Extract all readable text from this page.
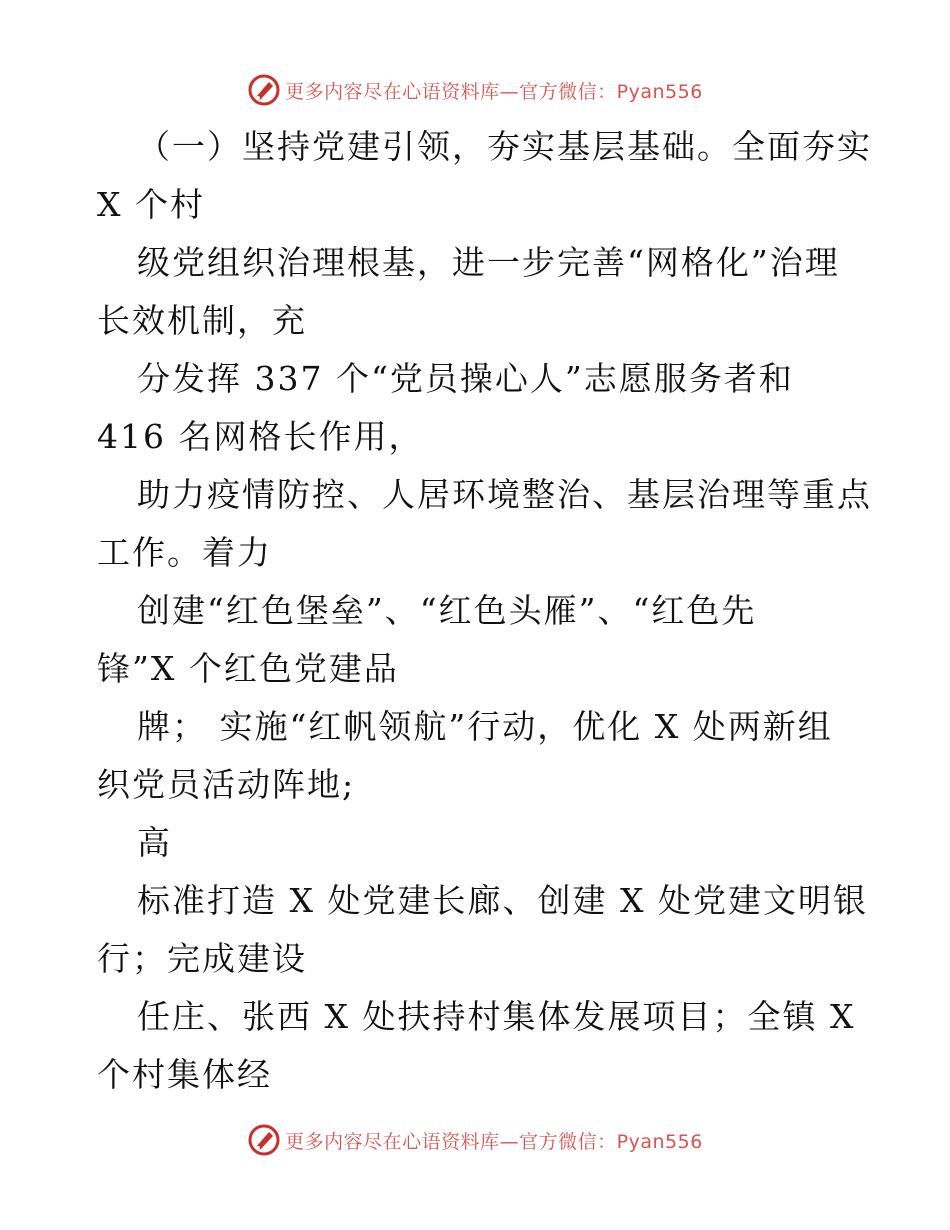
更多内容尽在心语资料库—官方微信：Pyan556
（一）坚持党建引领，夯实基层基础。全面夯实
X 个村
级党组织治理根基，进一步完善“网格化”治理
长效机制，充
分发挥 337 个“党员操心人”志愿服务者和
416 名网格长作用，
助力疫情防控、人居环境整治、基层治理等重点
工作。着力
创建“红色堡垒”、“红色头雁”、“红色先
锋”X 个红色党建品
牌； 实施“红帆领航”行动，优化 X 处两新组
织党员活动阵地;
高
标准打造 X 处党建长廊、创建 X 处党建文明银
行；完成建设
任庄、张西 X 处扶持村集体发展项目；全镇 X
个村集体经
更多内容尽在心语资料库—官方微信：Pyan556
